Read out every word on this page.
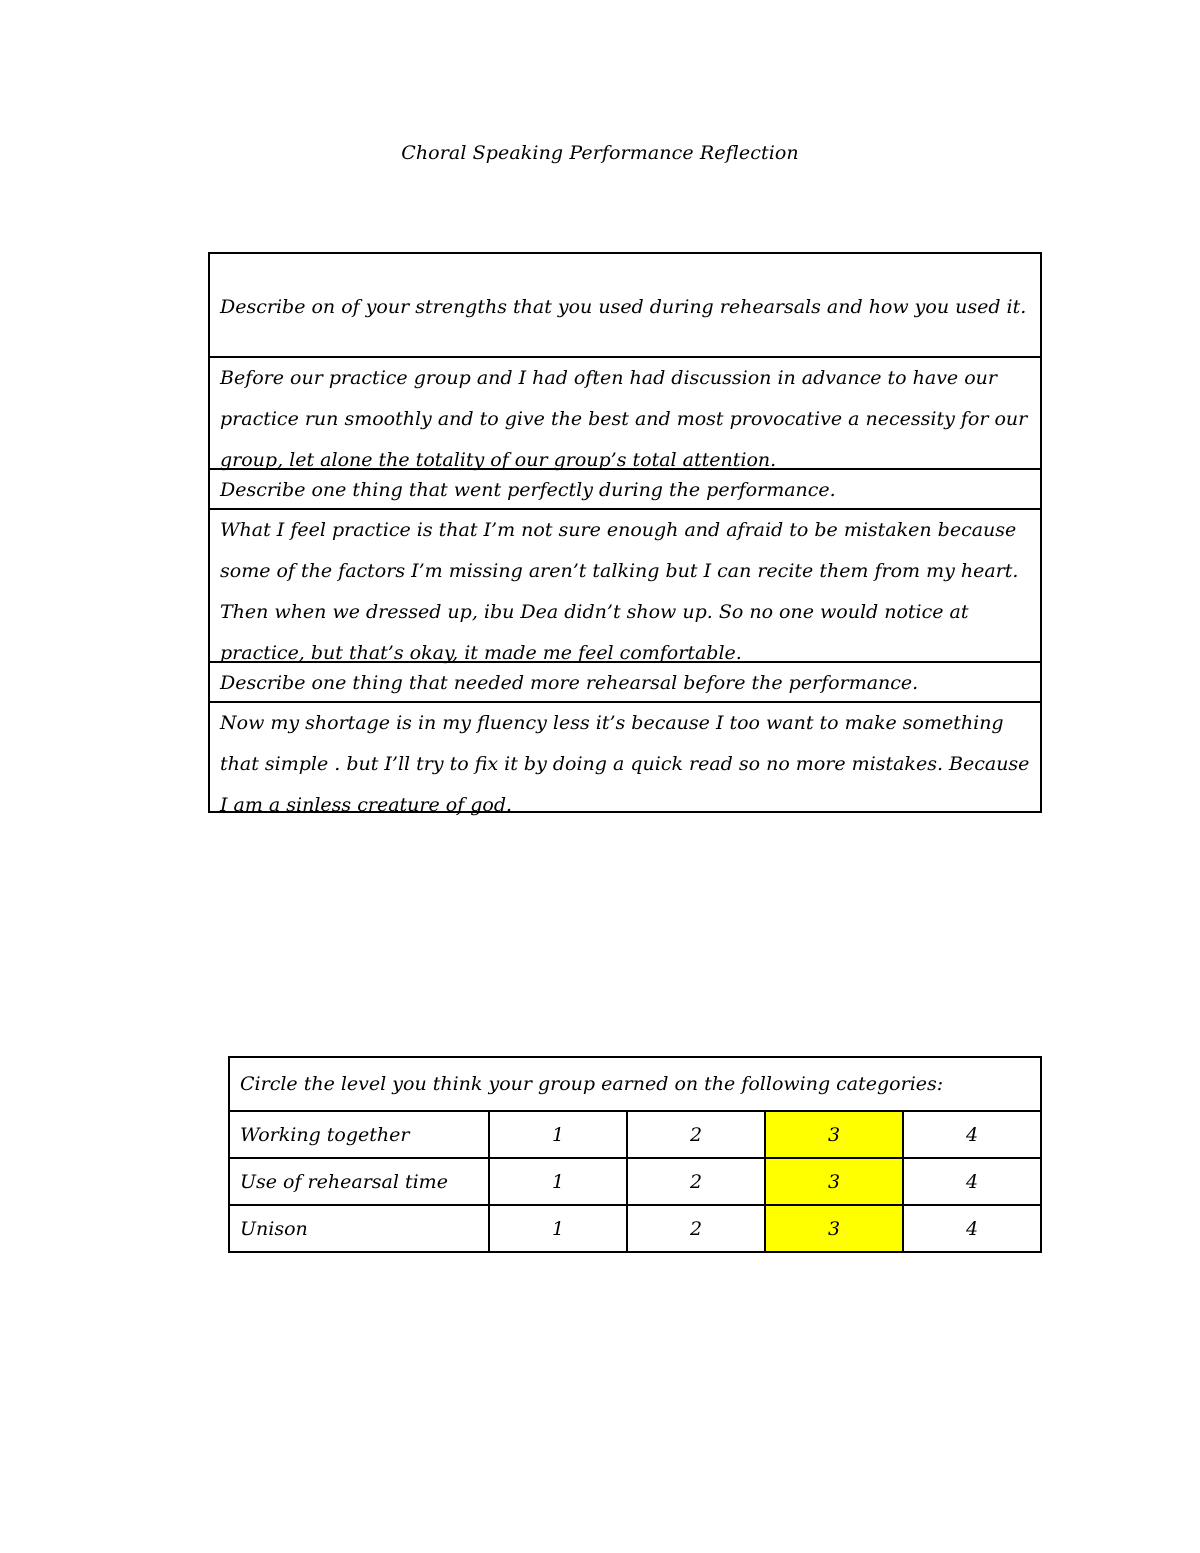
Choral Speaking Performance Reflection
Describe on of your strengths that you used during rehearsals and how you used it.
Before our practice group and I had often had discussion in advance to have our
practice run smoothly and to give the best and most provocative a necessity for our
group, let alone the totality of our group’s total attention.
Describe one thing that went perfectly during the performance.
What I feel practice is that I’m not sure enough and afraid to be mistaken because
some of the factors I’m missing aren’t talking but I can recite them from my heart.
Then when we dressed up, ibu Dea didn’t show up. So no one would notice at
practice, but that’s okay, it made me feel comfortable.
Describe one thing that needed more rehearsal before the performance.
Now my shortage is in my fluency less it’s because I too want to make something
that simple . but I’ll try to fix it by doing a quick read so no more mistakes. Because
I am a sinless creature of god.
Circle the level you think your group earned on the following categories:				
Working together	1	2	3	4
Use of rehearsal time	1	2	3	4
Unison	1	2	3	4
